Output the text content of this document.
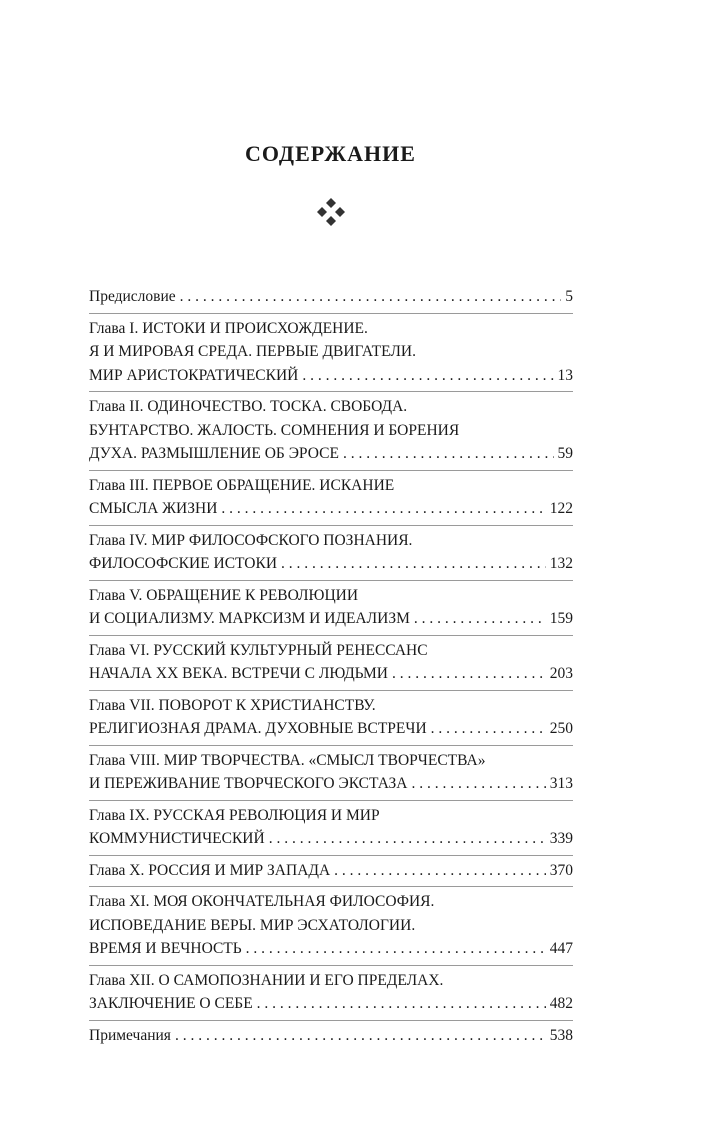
СОДЕРЖАНИЕ
Предисловие . . .	5
Глава I. ИСТОКИ И ПРОИСХОЖДЕНИЕ.
Я И МИРОВАЯ СРЕДА. ПЕРВЫЕ ДВИГАТЕЛИ.
МИР АРИСТОКРАТИЧЕСКИЙ . . .	13
Глава II. ОДИНОЧЕСТВО. ТОСКА. СВОБОДА.
БУНТАРСТВО. ЖАЛОСТЬ. СОМНЕНИЯ И БОРЕНИЯ
ДУХА. РАЗМЫШЛЕНИЕ ОБ ЭРОСЕ . . .	59
Глава III. ПЕРВОЕ ОБРАЩЕНИЕ. ИСКАНИЕ
СМЫСЛА ЖИЗНИ . . .	122
Глава IV. МИР ФИЛОСОФСКОГО ПОЗНАНИЯ.
ФИЛОСОФСКИЕ ИСТОКИ . . .	132
Глава V. ОБРАЩЕНИЕ К РЕВОЛЮЦИИ
И СОЦИАЛИЗМУ. МАРКСИЗМ И ИДЕАЛИЗМ . . .	159
Глава VI. РУССКИЙ КУЛЬТУРНЫЙ РЕНЕССАНС
НАЧАЛА XX ВЕКА. ВСТРЕЧИ С ЛЮДЬМИ . . .	203
Глава VII. ПОВОРОТ К ХРИСТИАНСТВУ.
РЕЛИГИОЗНАЯ ДРАМА. ДУХОВНЫЕ ВСТРЕЧИ . . .	250
Глава VIII. МИР ТВОРЧЕСТВА. «СМЫСЛ ТВОРЧЕСТВА»
И ПЕРЕЖИВАНИЕ ТВОРЧЕСКОГО ЭКСТАЗА . . .	313
Глава IX. РУССКАЯ РЕВОЛЮЦИЯ И МИР
КОММУНИСТИЧЕСКИЙ . . .	339
Глава X. РОССИЯ И МИР ЗАПАДА . . .	370
Глава XI. МОЯ ОКОНЧАТЕЛЬНАЯ ФИЛОСОФИЯ.
ИСПОВЕДАНИЕ ВЕРЫ. МИР ЭСХАТОЛОГИИ.
ВРЕМЯ И ВЕЧНОСТЬ . . .	447
Глава XII. О САМОПОЗНАНИИ И ЕГО ПРЕДЕЛАХ.
ЗАКЛЮЧЕНИЕ О СЕБЕ . . .	482
Примечания . . .	538
